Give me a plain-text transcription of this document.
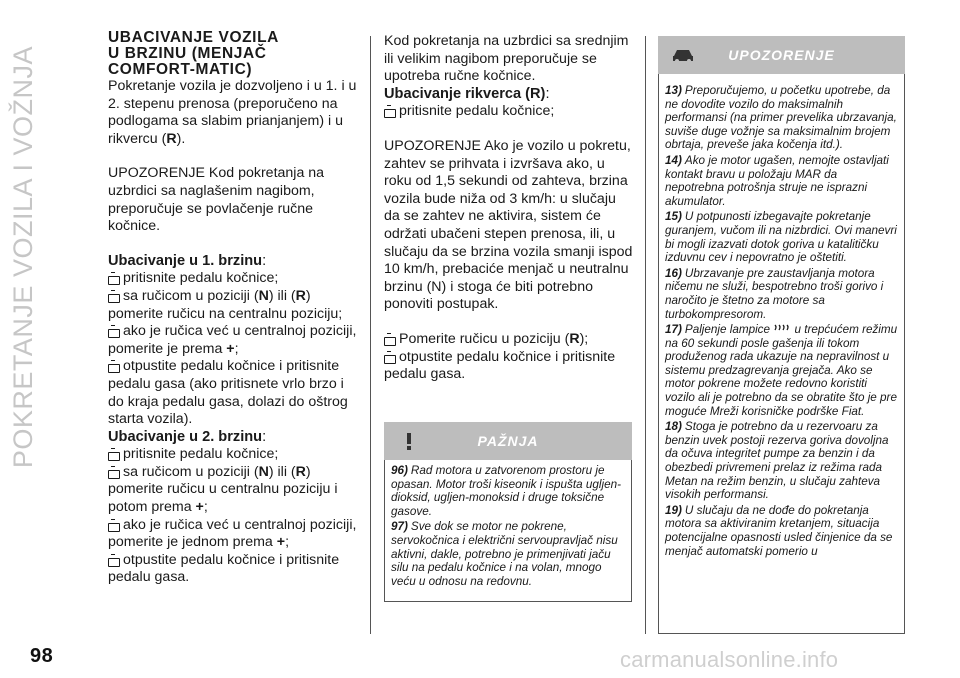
POKRETANJE VOZILA I VOŽNJA
UBACIVANJE VOZILA
U BRZINU (MENJAČ
COMFORT-MATIC)

Pokretanje vozila je dozvoljeno i u 1. i u 2. stepenu prenosa (preporučeno na podlogama sa slabim prianjanjem) i u rikvercu (R).

UPOZORENJE Kod pokretanja na uzbrdici sa naglašenim nagibom, preporučuje se povlačenje ručne kočnice.

Ubacivanje u 1. brzinu:
pritisnite pedalu kočnice;
sa ručicom u poziciji (N) ili (R) pomerite ručicu na centralnu poziciju;
ako je ručica već u centralnoj poziciji, pomerite je prema +;
otpustite pedalu kočnice i pritisnite pedalu gasa (ako pritisnete vrlo brzo i do kraja pedalu gasa, dolazi do oštrog starta vozila).
Ubacivanje u 2. brzinu:
pritisnite pedalu kočnice;
sa ručicom u poziciji (N) ili (R) pomerite ručicu u centralnu poziciju i potom prema +;
ako je ručica već u centralnoj poziciji, pomerite je jednom prema +;
otpustite pedalu kočnice i pritisnite pedalu gasa.

Kod pokretanja na uzbrdici sa srednjim ili velikim nagibom preporučuje se upotreba ručne kočnice.

Ubacivanje rikverca (R):
pritisnite pedalu kočnice;

UPOZORENJE Ako je vozilo u pokretu, zahtev se prihvata i izvršava ako, u roku od 1,5 sekundi od zahteva, brzina vozila bude niža od 3 km/h: u slučaju da se zahtev ne aktivira, sistem će održati ubačeni stepen prenosa, ili, u slučaju da se brzina vozila smanji ispod 10 km/h, prebaciće menjač u neutralnu brzinu (N) i stoga će biti potrebno ponoviti postupak.

Pomerite ručicu u poziciju (R);
otpustite pedalu kočnice i pritisnite pedalu gasa.
PAŽNJA
96) Rad motora u zatvorenom prostoru je opasan. Motor troši kiseonik i ispušta ugljen-dioksid, ugljen-monoksid i druge toksične gasove.
97) Sve dok se motor ne pokrene, servokočnica i električni servoupravljač nisu aktivni, dakle, potrebno je primenjivati jaču silu na pedalu kočnice i na volan, mnogo veću u odnosu na redovnu.
UPOZORENJE
13) Preporučujemo, u početku upotrebe, da ne dovodite vozilo do maksimalnih performansi (na primer prevelika ubrzavanja, suviše duge vožnje sa maksimalnim brojem obrtaja, preveše jaka kočenja itd.).
14) Ako je motor ugašen, nemojte ostavljati kontakt bravu u položaju MAR da nepotrebna potrošnja struje ne isprazni akumulator.
15) U potpunosti izbegavajte pokretanje guranjem, vučom ili na nizbrdici. Ovi manevri bi mogli izazvati dotok goriva u katalitičku izduvnu cev i nepovratno je oštetiti.
16) Ubrzavanje pre zaustavljanja motora ničemu ne služi, bespotrebno troši gorivo i naročito je štetno za motore sa turbokompresorom.
17) Paljenje lampice  u trepćućem režimu na 60 sekundi posle gašenja ili tokom produženog rada ukazuje na nepravilnost u sistemu predzagrevanja grejača. Ako se motor pokrene možete redovno koristiti vozilo ali je potrebno da se obratite što je pre moguće Mreži korisničke podrške Fiat.
18) Stoga je potrebno da u rezervoaru za benzin uvek postoji rezerva goriva dovoljna da očuva integritet pumpe za benzin i da obezbedi privremeni prelaz iz režima rada Metan na režim benzin, u slučaju zahteva visokih performansi.
19) U slučaju da ne dođe do pokretanja motora sa aktiviranim kretanjem, situacija potencijalne opasnosti usled činjenice da se menjač automatski pomerio u
98	carmanualsonline.info
